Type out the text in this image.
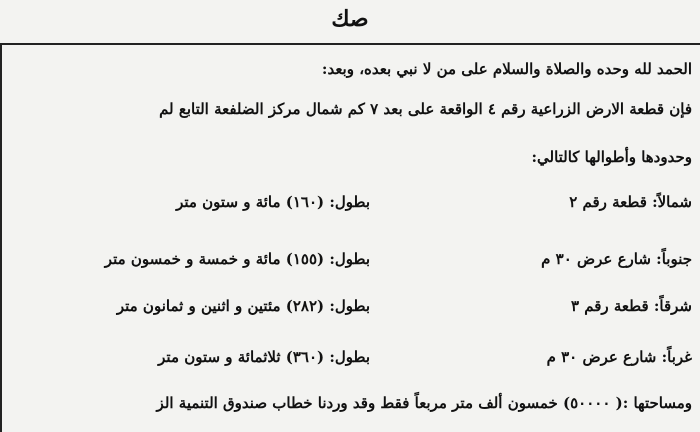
صك
الحمد لله وحده والصلاة والسلام على من لا نبي بعده، وبعد:
فإن قطعة الارض الزراعية رقم ٤ الواقعة على بعد ٧ كم شمال مركز الضلفعة التابع لم
وحدودها وأطوالها كالتالي:
شمالاً: قطعة رقم ٢
بطول: (١٦٠) مائة و ستون متر
جنوباً: شارع عرض ٣٠ م
بطول: (١٥٥) مائة و خمسة و خمسون متر
شرقاً: قطعة رقم ٣
بطول: (٢٨٢) مئتين و اثنين و ثمانون متر
غرباً: شارع عرض ٣٠ م
بطول: (٣٦٠) ثلاثمائة و ستون متر
ومساحتها :( ٥٠٠٠٠) خمسون ألف متر مربعاً فقط وقد وردنا خطاب صندوق التنمية الز
